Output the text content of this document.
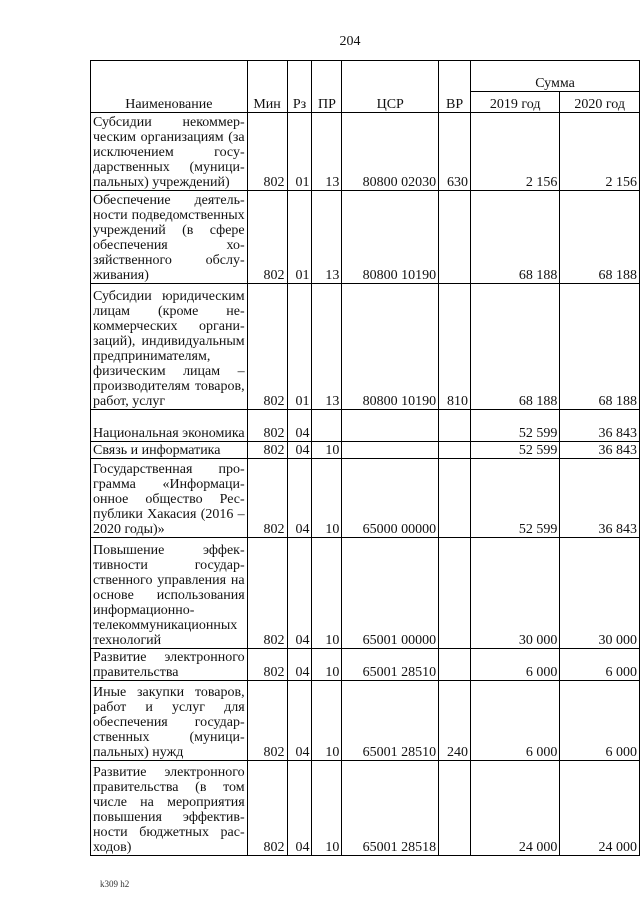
204
Наименование	Мин	Рз	ПР	ЦСР	ВР	Сумма	
						2019 год	2020 год
Субсидии некоммерческим организациям (за исключением государственных (муниципальных) учреждений)	802	01	13	80800 02030	630	2 156	2 156
Обеспечение деятельности подведомственных учреждений (в сфере обеспечения хозяйственного обслуживания)	802	01	13	80800 10190		68 188	68 188
Субсидии юридическим лицам (кроме некоммерческих организаций), индивидуальным предпринимателям, физическим лицам – производителям товаров, работ, услуг	802	01	13	80800 10190	810	68 188	68 188
Национальная экономика	802	04				52 599	36 843
Связь и информатика	802	04	10			52 599	36 843
Государственная программа «Информационное общество Республики Хакасия (2016 – 2020 годы)»	802	04	10	65000 00000		52 599	36 843
Повышение эффективности государственного управления на основе использования информационно-телекоммуникационных технологий	802	04	10	65001 00000		30 000	30 000
Развитие электронного правительства	802	04	10	65001 28510		6 000	6 000
Иные закупки товаров, работ и услуг для обеспечения государственных (муниципальных) нужд	802	04	10	65001 28510	240	6 000	6 000
Развитие электронного правительства (в том числе на мероприятия повышения эффективности бюджетных расходов)	802	04	10	65001 28518		24 000	24 000
k309 h2
